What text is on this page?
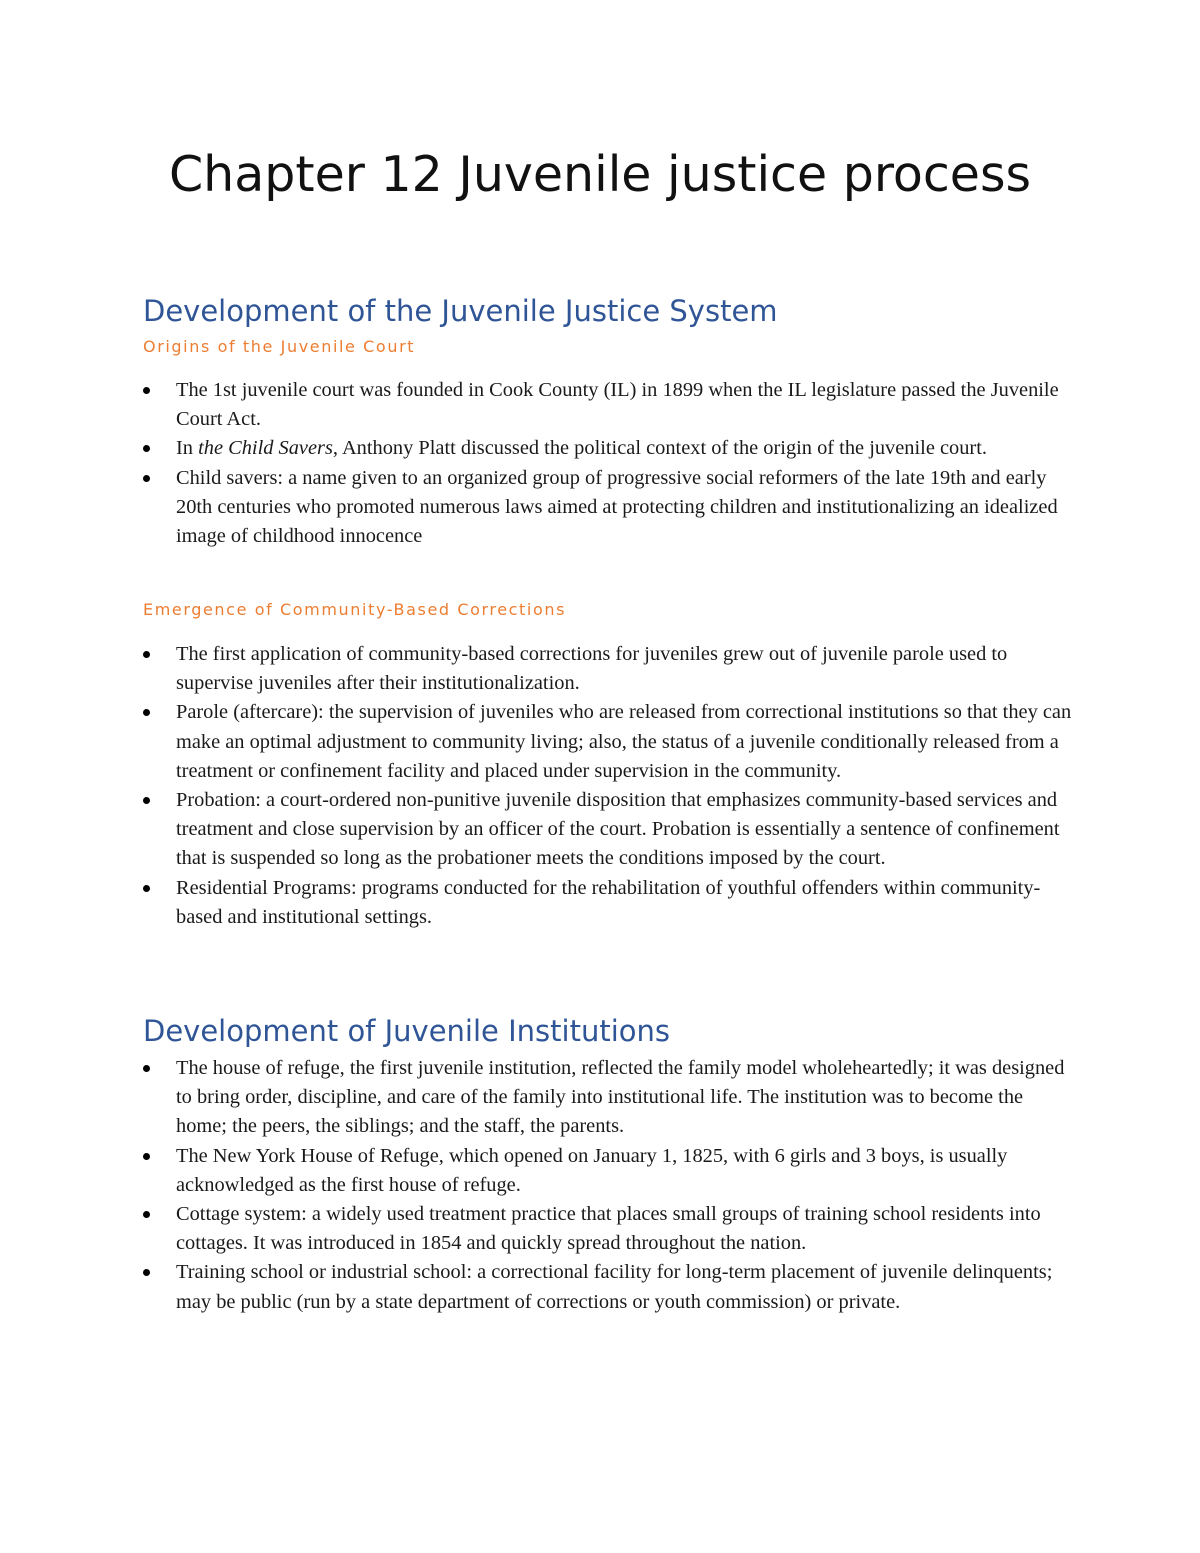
Chapter 12 Juvenile justice process
Development of the Juvenile Justice System
Origins of the Juvenile Court
The 1st juvenile court was founded in Cook County (IL) in 1899 when the IL legislature passed the Juvenile Court Act.
In the Child Savers, Anthony Platt discussed the political context of the origin of the juvenile court.
Child savers: a name given to an organized group of progressive social reformers of the late 19th and early 20th centuries who promoted numerous laws aimed at protecting children and institutionalizing an idealized image of childhood innocence
Emergence of Community-Based Corrections
The first application of community-based corrections for juveniles grew out of juvenile parole used to supervise juveniles after their institutionalization.
Parole (aftercare): the supervision of juveniles who are released from correctional institutions so that they can make an optimal adjustment to community living; also, the status of a juvenile conditionally released from a treatment or confinement facility and placed under supervision in the community.
Probation: a court-ordered non-punitive juvenile disposition that emphasizes community-based services and treatment and close supervision by an officer of the court. Probation is essentially a sentence of confinement that is suspended so long as the probationer meets the conditions imposed by the court.
Residential Programs: programs conducted for the rehabilitation of youthful offenders within community-based and institutional settings.
Development of Juvenile Institutions
The house of refuge, the first juvenile institution, reflected the family model wholeheartedly; it was designed to bring order, discipline, and care of the family into institutional life. The institution was to become the home; the peers, the siblings; and the staff, the parents.
The New York House of Refuge, which opened on January 1, 1825, with 6 girls and 3 boys, is usually acknowledged as the first house of refuge.
Cottage system: a widely used treatment practice that places small groups of training school residents into cottages. It was introduced in 1854 and quickly spread throughout the nation.
Training school or industrial school: a correctional facility for long-term placement of juvenile delinquents; may be public (run by a state department of corrections or youth commission) or private.
